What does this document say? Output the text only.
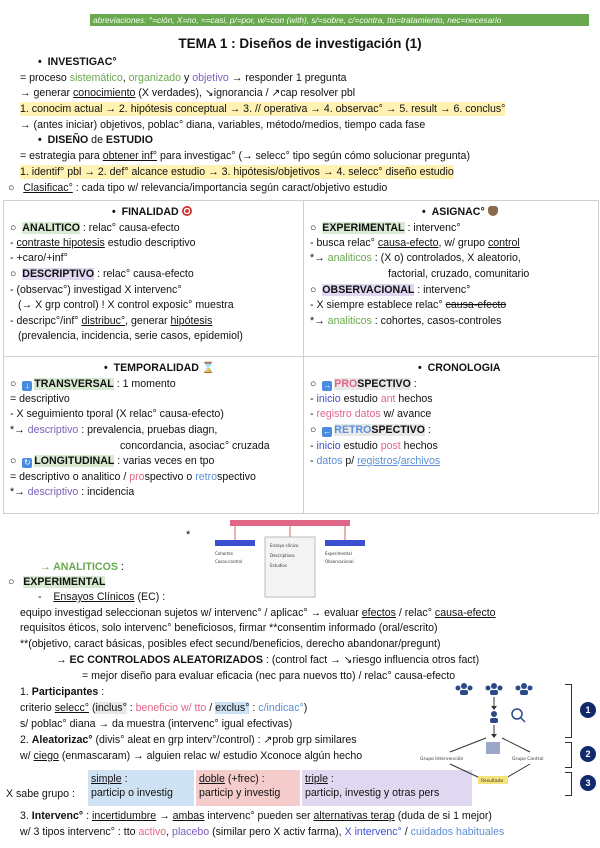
abreviaciones: °=ción, X=no, ≈=casi, p/=por, w/=con (with), s/=sobre, c/=contra, tto=tratamiento, nec=necesario
TEMA 1 : Diseños de investigación (1)
•  INVESTIGAC°
= proceso sistemático, organizado y objetivo → responder 1 pregunta
→ generar conocimiento (X verdades), ↘ignorancia / ↗cap resolver pbl
1. conocim actual → 2. hipótesis conceptual → 3. // operativa → 4. observac° → 5. result → 6. conclus°
→ (antes iniciar) objetivos, poblac° diana, variables, método/medios, tiempo cada fase
•  DISEÑO de ESTUDIO
= estrategia para obtener inf° para investigac° (→ selecc° tipo según cómo solucionar pregunta)
1. identif° pbl → 2. def° alcance estudio → 3. hipótesis/objetivos → 4. selecc° diseño estudio
○   Clasificac° : cada tipo w/ relevancia/importancia según caract/objetivo estudio
•  FINALIDAD
○  ANALITICO : relac° causa-efecto
- contraste hipotesis estudio descriptivo
- +caro/+inf°
○  DESCRIPTIVO : relac° causa-efecto
- (observac°) investigad X intervenc°
(→ X grp control) ! X control exposic° muestra
- descripc°/inf° distribuc°, generar hipótesis
(prevalencia, incidencia, serie casos, epidemiol)
•  ASIGNAC°
○  EXPERIMENTAL : intervenc°
- busca relac° causa-efecto, w/ grupo control
*→ analiticos : (X o) controlados, X aleatorio,
factorial, cruzado, comunitario
○  OBSERVACIONAL : intervenc°
- X siempre establece relac° causa-efecto
*→ analiticos : cohortes, casos-controles
•  TEMPORALIDAD ⌛
○  ↓ TRANSVERSAL : 1 momento
= descriptivo
- X seguimiento tporal (X relac° causa-efecto)
*→ descriptivo : prevalencia, pruebas diagn,
concordancia, asociac° cruzada
○  ↻ LONGITUDINAL : varias veces en tpo
= descriptivo o analitico / prospectivo o retrospectivo
*→ descriptivo : incidencia
•  CRONOLOGIA
○  → PROSPECTIVO :
- inicio estudio ant hechos
- registro datos w/ avance
○  ← RETROSPECTIVO :
- inicio estudio post hechos
- datos p/ registros/archivos
*
Cohortes
Casos-control
Ensayo clínico
Descriptivos
Estudios
Experimental
Observacional
→ ANALITICOS :
○   EXPERIMENTAL
-    Ensayos Clínicos (EC) :
equipo investigad seleccionan sujetos w/ intervenc° / aplicac° → evaluar efectos / relac° causa-efecto
requisitos éticos, solo intervenc° beneficiosos, firmar **consentim informado (oral/escrito)
**(objetivo, caract básicas, posibles efect secund/beneficios, derecho abandonar/pregunt)
→ EC CONTROLADOS ALEATORIZADOS : (control fact → ↘riesgo influencia otros fact)
= mejor diseño para evaluar eficacia (nec para nuevos tto) / relac° causa-efecto
1. Participantes :
criterio selecc° (inclus° : beneficio w/ tto / exclus° : c/indicac°)
s/ poblac° diana → da muestra (intervenc° igual efectivas)
2. Aleatorizac° (divis° aleat en grp interv°/control) : ↗prob grp similares
w/ ciego (enmascaram) → alguien relac w/ estudio Xconoce algún hecho
X sabe grupo :
simple :
particip o investig
doble (+frec) :
particip y investig
triple :
particip, investig y otras pers
3. Intervenc° : incertidumbre → ambas intervenc° pueden ser alternativas terap (duda de si 1 mejor)
w/ 3 tipos intervenc° : tto activo, placebo (similar pero X activ farma), X intervenc° / cuidados habituales
Grupo Intervención	Grupo Control
Resultado
1
2
3
